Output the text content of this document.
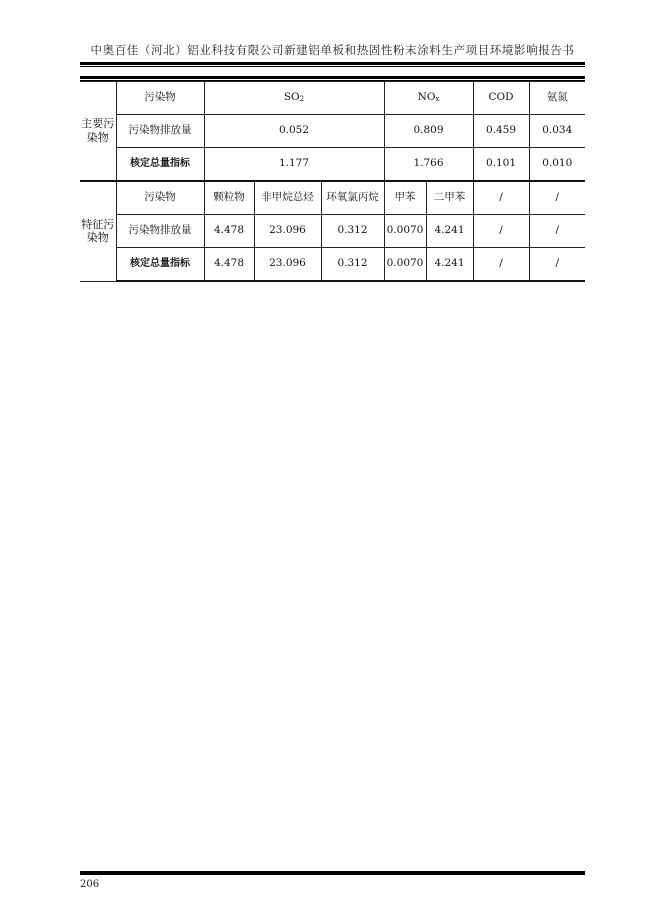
中奥百佳（河北）铝业科技有限公司新建铝单板和热固性粉末涂料生产项目环境影响报告书
主要污染物	污染物	$SO_2$			$NO_x$		COD	氨氮
	污染物排放量	0.052			0.809		0.459	0.034
	核定总量指标	1.177			1.766		0.101	0.010
特征污染物	污染物	颗粒物	非甲烷总烃	环氧氯丙烷	甲苯	二甲苯	/	/
	污染物排放量	4.478	23.096	0.312	0.0070	4.241	/	/
	核定总量指标	4.478	23.096	0.312	0.0070	4.241	/	/
206
